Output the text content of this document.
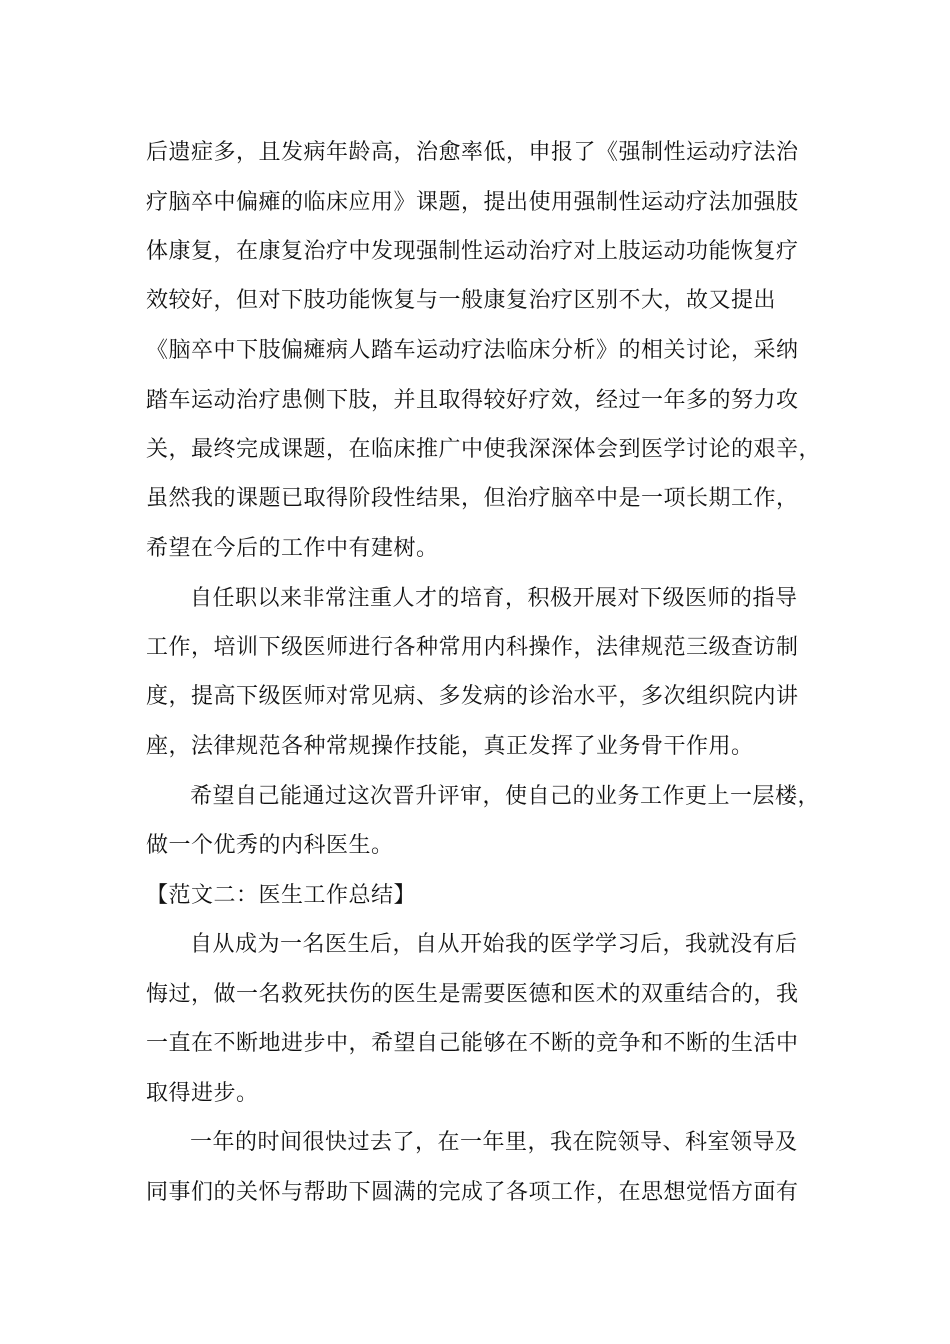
后遗症多，且发病年龄高，治愈率低，申报了《强制性运动疗法治
疗脑卒中偏瘫的临床应用》课题，提出使用强制性运动疗法加强肢
体康复，在康复治疗中发现强制性运动治疗对上肢运动功能恢复疗
效较好，但对下肢功能恢复与一般康复治疗区别不大，故又提出
《脑卒中下肢偏瘫病人踏车运动疗法临床分析》的相关讨论，采纳
踏车运动治疗患侧下肢，并且取得较好疗效，经过一年多的努力攻
关，最终完成课题，在临床推广中使我深深体会到医学讨论的艰辛，
虽然我的课题已取得阶段性结果，但治疗脑卒中是一项长期工作，
希望在今后的工作中有建树。
自任职以来非常注重人才的培育，积极开展对下级医师的指导
工作，培训下级医师进行各种常用内科操作，法律规范三级查访制
度，提高下级医师对常见病、多发病的诊治水平，多次组织院内讲
座，法律规范各种常规操作技能，真正发挥了业务骨干作用。
希望自己能通过这次晋升评审，使自己的业务工作更上一层楼，
做一个优秀的内科医生。
【范文二：医生工作总结】
自从成为一名医生后，自从开始我的医学学习后，我就没有后
悔过，做一名救死扶伤的医生是需要医德和医术的双重结合的，我
一直在不断地进步中，希望自己能够在不断的竞争和不断的生活中
取得进步。
一年的时间很快过去了，在一年里，我在院领导、科室领导及
同事们的关怀与帮助下圆满的完成了各项工作，在思想觉悟方面有
